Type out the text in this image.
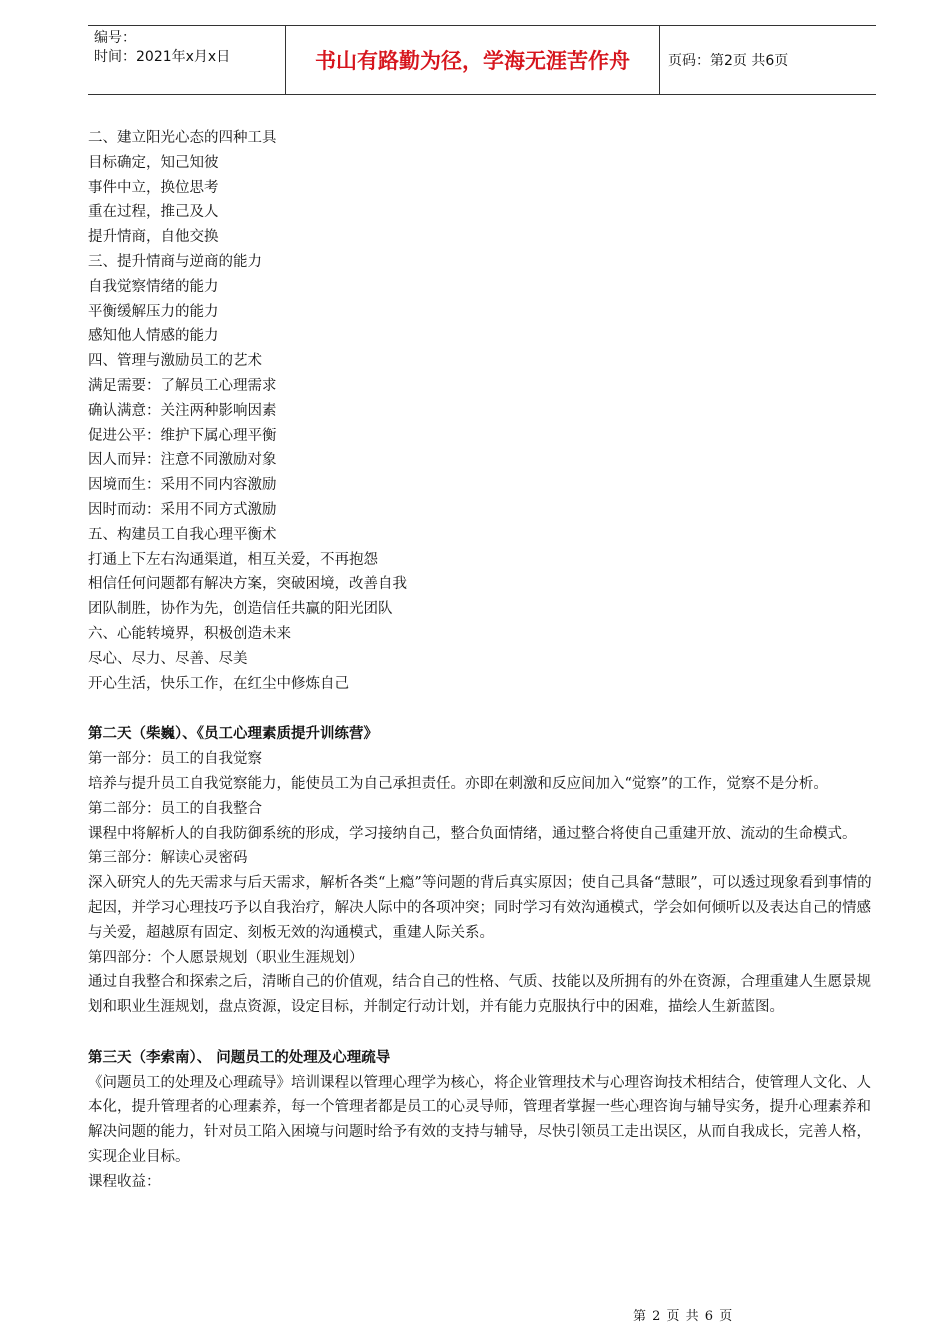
编号：
时间：2021年x月x日	书山有路勤为径，学海无涯苦作舟	页码：第2页 共6页
二、建立阳光心态的四种工具
目标确定，知己知彼
事件中立，换位思考
重在过程，推己及人
提升情商，自他交换
三、提升情商与逆商的能力
自我觉察情绪的能力
平衡缓解压力的能力
感知他人情感的能力
四、管理与激励员工的艺术
满足需要：了解员工心理需求
确认满意：关注两种影响因素
促进公平：维护下属心理平衡
因人而异：注意不同激励对象
因境而生：采用不同内容激励
因时而动：采用不同方式激励
五、构建员工自我心理平衡术
打通上下左右沟通渠道，相互关爱，不再抱怨
相信任何问题都有解决方案，突破困境，改善自我
团队制胜，协作为先，创造信任共赢的阳光团队
六、心能转境界，积极创造未来
尽心、尽力、尽善、尽美
开心生活，快乐工作，在红尘中修炼自己
第二天（柴巍）、《员工心理素质提升训练营》
第一部分：员工的自我觉察
培养与提升员工自我觉察能力，能使员工为自己承担责任。亦即在刺激和反应间加入“觉察”的工作，觉察不是分析。
第二部分：员工的自我整合
课程中将解析人的自我防御系统的形成，学习接纳自己，整合负面情绪，通过整合将使自己重建开放、流动的生命模式。
第三部分：解读心灵密码
深入研究人的先天需求与后天需求，解析各类“上瘾”等问题的背后真实原因；使自己具备“慧眼”，可以透过现象看到事情的起因，并学习心理技巧予以自我治疗，解决人际中的各项冲突；同时学习有效沟通模式，学会如何倾听以及表达自己的情感与关爱，超越原有固定、刻板无效的沟通模式，重建人际关系。
第四部分：个人愿景规划（职业生涯规划）
通过自我整合和探索之后，清晰自己的价值观，结合自己的性格、气质、技能以及所拥有的外在资源，合理重建人生愿景规划和职业生涯规划，盘点资源，设定目标，并制定行动计划，并有能力克服执行中的困难，描绘人生新蓝图。
第三天（李索南）、 问题员工的处理及心理疏导
《问题员工的处理及心理疏导》培训课程以管理心理学为核心，将企业管理技术与心理咨询技术相结合，使管理人文化、人本化，提升管理者的心理素养，每一个管理者都是员工的心灵导师，管理者掌握一些心理咨询与辅导实务，提升心理素养和解决问题的能力，针对员工陷入困境与问题时给予有效的支持与辅导，尽快引领员工走出误区，从而自我成长，完善人格，实现企业目标。
课程收益：
第 2 页 共 6 页
